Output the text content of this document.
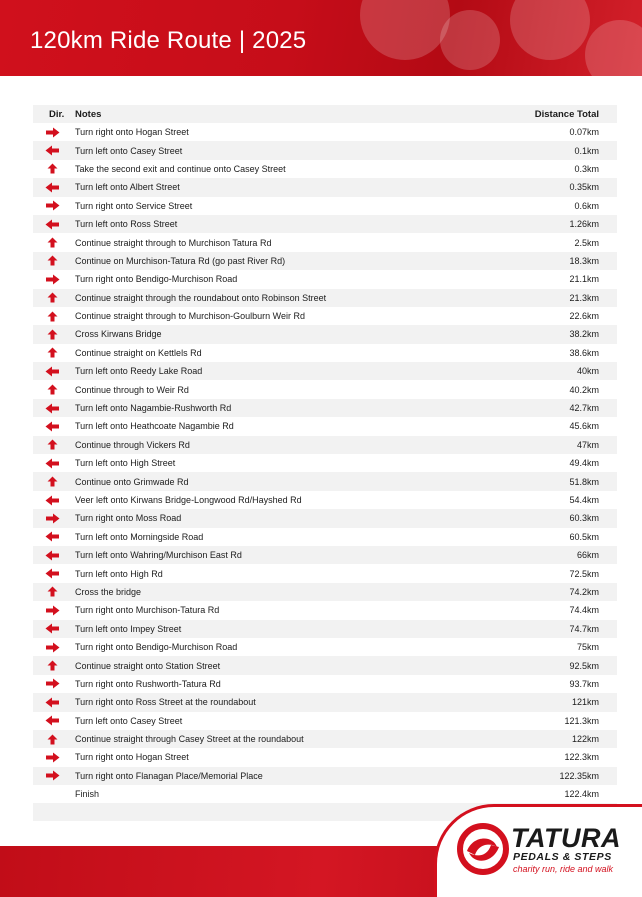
120km Ride Route | 2025
Dir.	Notes	Distance Total
Turn right onto Hogan Street	0.07km
Turn left onto Casey Street	0.1km
Take the second exit and continue onto Casey Street	0.3km
Turn left onto Albert Street	0.35km
Turn right onto Service Street	0.6km
Turn left onto Ross Street	1.26km
Continue straight through to Murchison Tatura Rd	2.5km
Continue on Murchison-Tatura Rd (go past River Rd)	18.3km
Turn right onto Bendigo-Murchison Road	21.1km
Continue straight through the roundabout onto Robinson Street	21.3km
Continue straight through to Murchison-Goulburn Weir Rd	22.6km
Cross Kirwans Bridge	38.2km
Continue straight on Kettlels Rd	38.6km
Turn left onto Reedy Lake Road	40km
Continue through to Weir Rd	40.2km
Turn left onto Nagambie-Rushworth Rd	42.7km
Turn left onto Heathcoate Nagambie Rd	45.6km
Continue through Vickers Rd	47km
Turn left onto High Street	49.4km
Continue onto Grimwade Rd	51.8km
Veer left onto Kirwans Bridge-Longwood Rd/Hayshed Rd	54.4km
Turn right onto Moss Road	60.3km
Turn left onto Morningside Road	60.5km
Turn left onto Wahring/Murchison East Rd	66km
Turn left onto High Rd	72.5km
Cross the bridge	74.2km
Turn right onto Murchison-Tatura Rd	74.4km
Turn left onto Impey Street	74.7km
Turn right onto Bendigo-Murchison Road	75km
Continue straight onto Station Street	92.5km
Turn right onto Rushworth-Tatura Rd	93.7km
Turn right onto Ross Street at the roundabout	121km
Turn left onto Casey Street	121.3km
Continue straight through Casey Street at the roundabout	122km
Turn right onto Hogan Street	122.3km
Turn right onto Flanagan Place/Memorial Place	122.35km
Finish	122.4km
TATURA
PEDALS & STEPS
charity run, ride and walk
